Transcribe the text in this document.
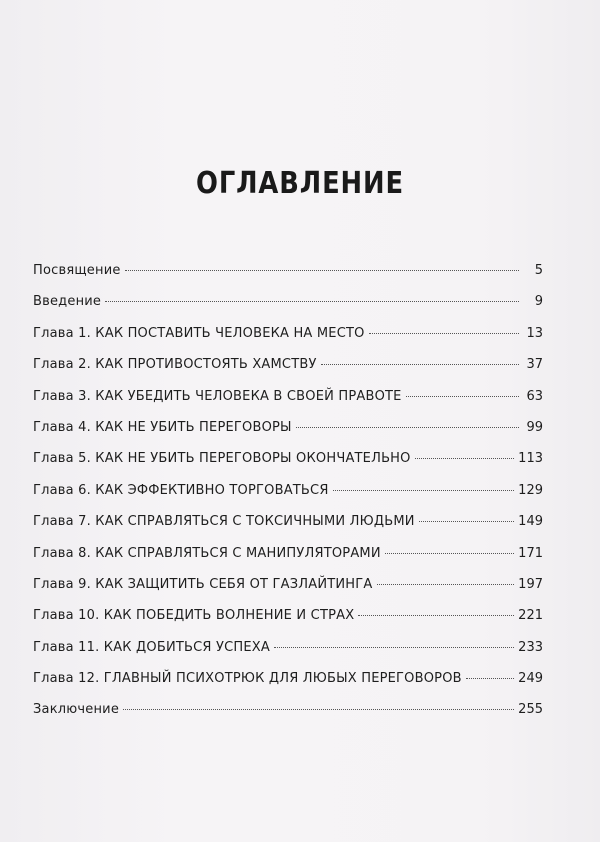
ОГЛАВЛЕНИЕ
Посвящение	5
Введение	9
Глава 1. КАК ПОСТАВИТЬ ЧЕЛОВЕКА НА МЕСТО	13
Глава 2. КАК ПРОТИВОСТОЯТЬ ХАМСТВУ	37
Глава 3. КАК УБЕДИТЬ ЧЕЛОВЕКА В СВОЕЙ ПРАВОТЕ	63
Глава 4. КАК НЕ УБИТЬ ПЕРЕГОВОРЫ	99
Глава 5. КАК НЕ УБИТЬ ПЕРЕГОВОРЫ ОКОНЧАТЕЛЬНО	113
Глава 6. КАК ЭФФЕКТИВНО ТОРГОВАТЬСЯ	129
Глава 7. КАК СПРАВЛЯТЬСЯ С ТОКСИЧНЫМИ ЛЮДЬМИ	149
Глава 8. КАК СПРАВЛЯТЬСЯ С МАНИПУЛЯТОРАМИ	171
Глава 9. КАК ЗАЩИТИТЬ СЕБЯ ОТ ГАЗЛАЙТИНГА	197
Глава 10. КАК ПОБЕДИТЬ ВОЛНЕНИЕ И СТРАХ	221
Глава 11. КАК ДОБИТЬСЯ УСПЕХА	233
Глава 12. ГЛАВНЫЙ ПСИХОТРЮК ДЛЯ ЛЮБЫХ ПЕРЕГОВОРОВ	249
Заключение	255
